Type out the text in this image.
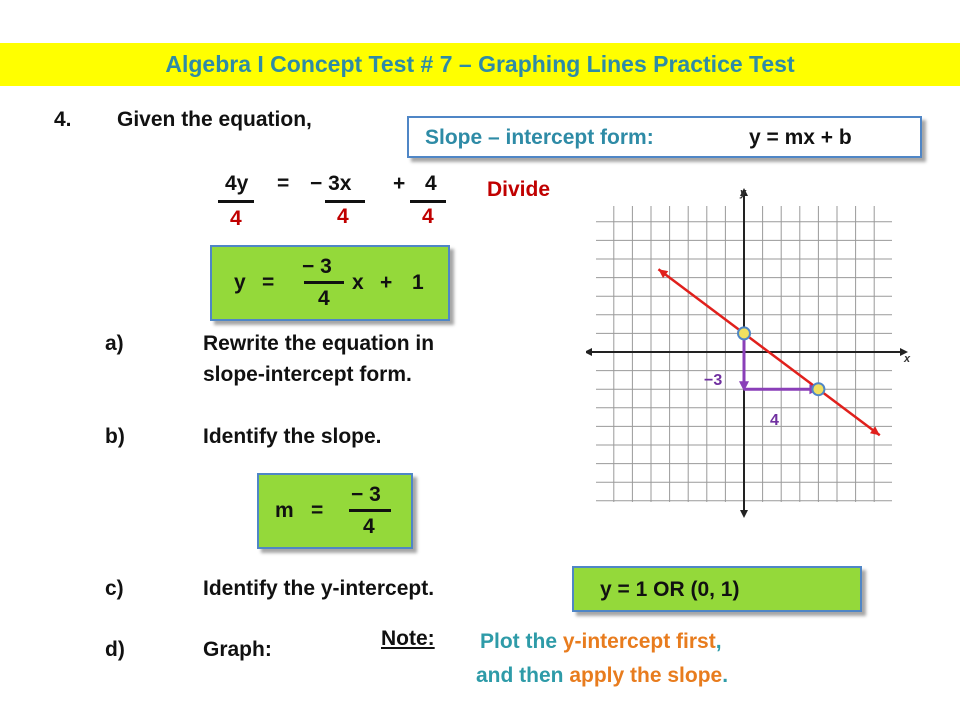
Algebra I Concept Test # 7 – Graphing Lines Practice Test
4. Given the equation,
Slope – intercept form:	y = mx + b
4y = − 3x + 4
4	4	4
Divide
y =
− 3
4
x + 1
a)	Rewrite the equation in
slope-intercept form.
b)	Identify the slope.
m =
− 3
4
c)	Identify the y-intercept.	y = 1 OR (0, 1)
d)	Graph:	Note: Plot the y-intercept first,
and then apply the slope.
x
y
−3
4
